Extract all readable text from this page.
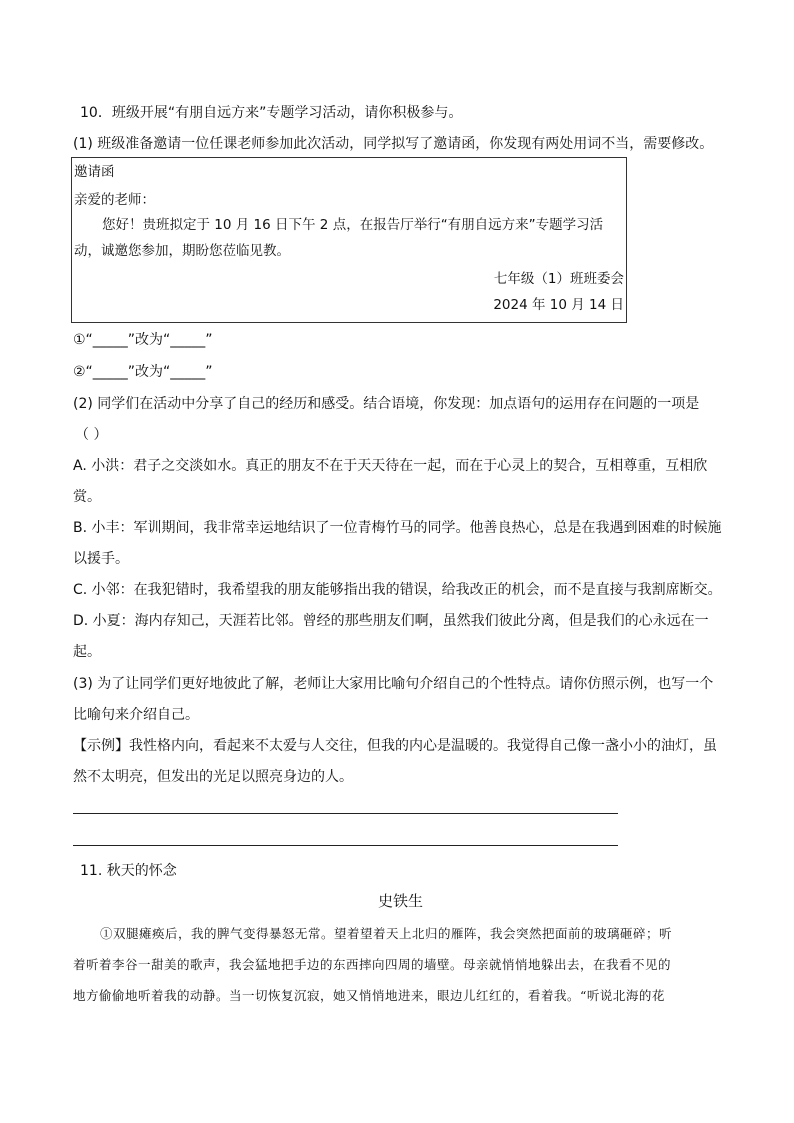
10．班级开展“有朋自远方来”专题学习活动，请你积极参与。
(1) 班级准备邀请一位任课老师参加此次活动，同学拟写了邀请函，你发现有两处用词不当，需要修改。
邀请函
亲爱的老师：
您好！贵班拟定于 10 月 16 日下午 2 点，在报告厅举行“有朋自远方来”专题学习活
动，诚邀您参加，期盼您莅临见教。
七年级（1）班班委会
2024 年 10 月 14 日
①“_____”改为“_____”
②“_____”改为“_____”
(2) 同学们在活动中分享了自己的经历和感受。结合语境，你发现：加点语句的运用存在问题的一项是
（ ）
A. 小洪：君子之交淡如水。真正的朋友不在于天天待在一起，而在于心灵上的契合，互相尊重，互相欣
赏。
B. 小丰：军训期间，我非常幸运地结识了一位青梅竹马的同学。他善良热心，总是在我遇到困难的时候施
以援手。
C. 小邻：在我犯错时，我希望我的朋友能够指出我的错误，给我改正的机会，而不是直接与我割席断交。
D. 小夏：海内存知己，天涯若比邻。曾经的那些朋友们啊，虽然我们彼此分离，但是我们的心永远在一
起。
(3) 为了让同学们更好地彼此了解，老师让大家用比喻句介绍自己的个性特点。请你仿照示例，也写一个
比喻句来介绍自己。
【示例】我性格内向，看起来不太爱与人交往，但我的内心是温暖的。我觉得自己像一盏小小的油灯，虽
然不太明亮，但发出的光足以照亮身边的人。
11. 秋天的怀念
史铁生
①双腿瘫痪后，我的脾气变得暴怒无常。望着望着天上北归的雁阵，我会突然把面前的玻璃砸碎；听
着听着李谷一甜美的歌声，我会猛地把手边的东西摔向四周的墙壁。母亲就悄悄地躲出去，在我看不见的
地方偷偷地听着我的动静。当一切恢复沉寂，她又悄悄地进来，眼边儿红红的，看着我。“听说北海的花
